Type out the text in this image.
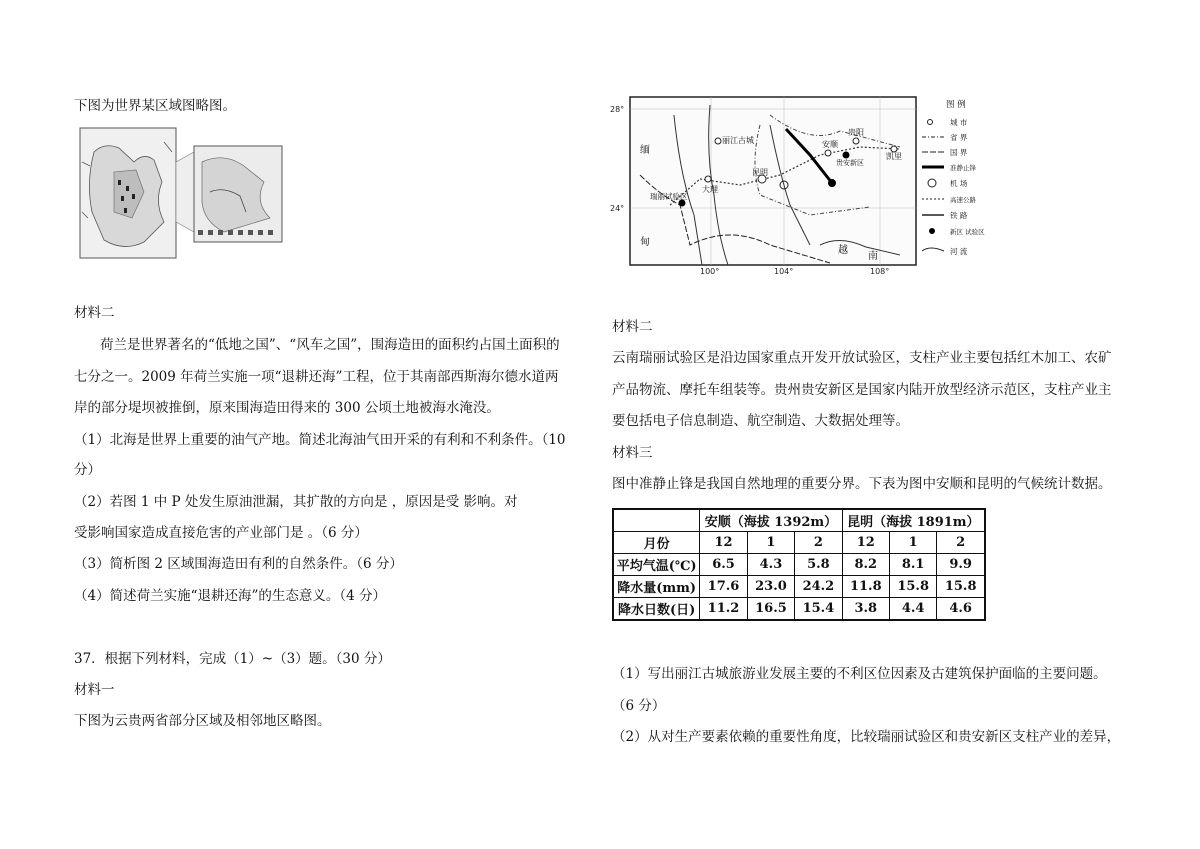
下图为世界某区域图略图。
材料二
荷兰是世界著名的“低地之国”、“风车之国”，围海造田的面积约占国土面积的
七分之一。2009 年荷兰实施一项“退耕还海”工程，位于其南部西斯海尔德水道两
岸的部分堤坝被推倒，原来围海造田得来的 300 公顷土地被海水淹没。
（1）北海是世界上重要的油气产地。简述北海油气田开采的有利和不利条件。（10
分）
（2）若图 1 中 P 处发生原油泄漏，其扩散的方向是 ，原因是受 影响。对
受影响国家造成直接危害的产业部门是 。（6 分）
（3）简析图 2 区域围海造田有利的自然条件。（6 分）
（4）简述荷兰实施“退耕还海”的生态意义。（4 分）
37．根据下列材料，完成（1）~（3）题。（30 分）
材料一
下图为云贵两省部分区域及相邻地区略图。
28°
24°
100°	104°	108°
丽江古城
大理
昆明
安顺
贵阳
凯里
贵安新区
瑞丽试验区
缅
甸
越
南
图 例
城 市
省 界
国 界
准静止锋
机 场
高速公路
铁 路
新区 试验区
河 流
材料二
云南瑞丽试验区是沿边国家重点开发开放试验区，支柱产业主要包括红木加工、农矿
产品物流、摩托车组装等。贵州贵安新区是国家内陆开放型经济示范区，支柱产业主
要包括电子信息制造、航空制造、大数据处理等。
材料三
图中准静止锋是我国自然地理的重要分界。下表为图中安顺和昆明的气候统计数据。
	安顺（海拔 1392m）			昆明（海拔 1891m）		
月份	12	1	2	12	1	2
平均气温(℃)	6.5	4.3	5.8	8.2	8.1	9.9
降水量(mm)	17.6	23.0	24.2	11.8	15.8	15.8
降水日数(日)	11.2	16.5	15.4	3.8	4.4	4.6
（1）写出丽江古城旅游业发展主要的不利区位因素及古建筑保护面临的主要问题。
（6 分）
（2）从对生产要素依赖的重要性角度，比较瑞丽试验区和贵安新区支柱产业的差异，
